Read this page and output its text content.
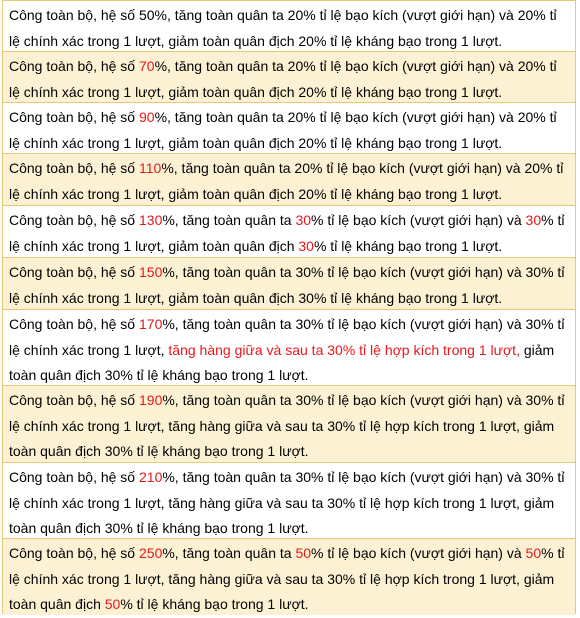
Công toàn bộ, hệ số 50%, tăng toàn quân ta 20% tỉ lệ bạo kích (vượt giới hạn) và 20% tỉ lệ chính xác trong 1 lượt, giảm toàn quân địch 20% tỉ lệ kháng bạo trong 1 lượt.
Công toàn bộ, hệ số 70%, tăng toàn quân ta 20% tỉ lệ bạo kích (vượt giới hạn) và 20% tỉ lệ chính xác trong 1 lượt, giảm toàn quân địch 20% tỉ lệ kháng bạo trong 1 lượt.
Công toàn bộ, hệ số 90%, tăng toàn quân ta 20% tỉ lệ bạo kích (vượt giới hạn) và 20% tỉ lệ chính xác trong 1 lượt, giảm toàn quân địch 20% tỉ lệ kháng bạo trong 1 lượt.
Công toàn bộ, hệ số 110%, tăng toàn quân ta 20% tỉ lệ bạo kích (vượt giới hạn) và 20% tỉ lệ chính xác trong 1 lượt, giảm toàn quân địch 20% tỉ lệ kháng bạo trong 1 lượt.
Công toàn bộ, hệ số 130%, tăng toàn quân ta 30% tỉ lệ bạo kích (vượt giới hạn) và 30% tỉ lệ chính xác trong 1 lượt, giảm toàn quân địch 30% tỉ lệ kháng bạo trong 1 lượt.
Công toàn bộ, hệ số 150%, tăng toàn quân ta 30% tỉ lệ bạo kích (vượt giới hạn) và 30% tỉ lệ chính xác trong 1 lượt, giảm toàn quân địch 30% tỉ lệ kháng bạo trong 1 lượt.
Công toàn bộ, hệ số 170%, tăng toàn quân ta 30% tỉ lệ bạo kích (vượt giới hạn) và 30% tỉ lệ chính xác trong 1 lượt, tăng hàng giữa và sau ta 30% tỉ lệ hợp kích trong 1 lượt, giảm toàn quân địch 30% tỉ lệ kháng bạo trong 1 lượt.
Công toàn bộ, hệ số 190%, tăng toàn quân ta 30% tỉ lệ bạo kích (vượt giới hạn) và 30% tỉ lệ chính xác trong 1 lượt, tăng hàng giữa và sau ta 30% tỉ lệ hợp kích trong 1 lượt, giảm toàn quân địch 30% tỉ lệ kháng bạo trong 1 lượt.
Công toàn bộ, hệ số 210%, tăng toàn quân ta 30% tỉ lệ bạo kích (vượt giới hạn) và 30% tỉ lệ chính xác trong 1 lượt, tăng hàng giữa và sau ta 30% tỉ lệ hợp kích trong 1 lượt, giảm toàn quân địch 30% tỉ lệ kháng bạo trong 1 lượt.
Công toàn bộ, hệ số 250%, tăng toàn quân ta 50% tỉ lệ bạo kích (vượt giới hạn) và 50% tỉ lệ chính xác trong 1 lượt, tăng hàng giữa và sau ta 30% tỉ lệ hợp kích trong 1 lượt, giảm toàn quân địch 50% tỉ lệ kháng bạo trong 1 lượt.
